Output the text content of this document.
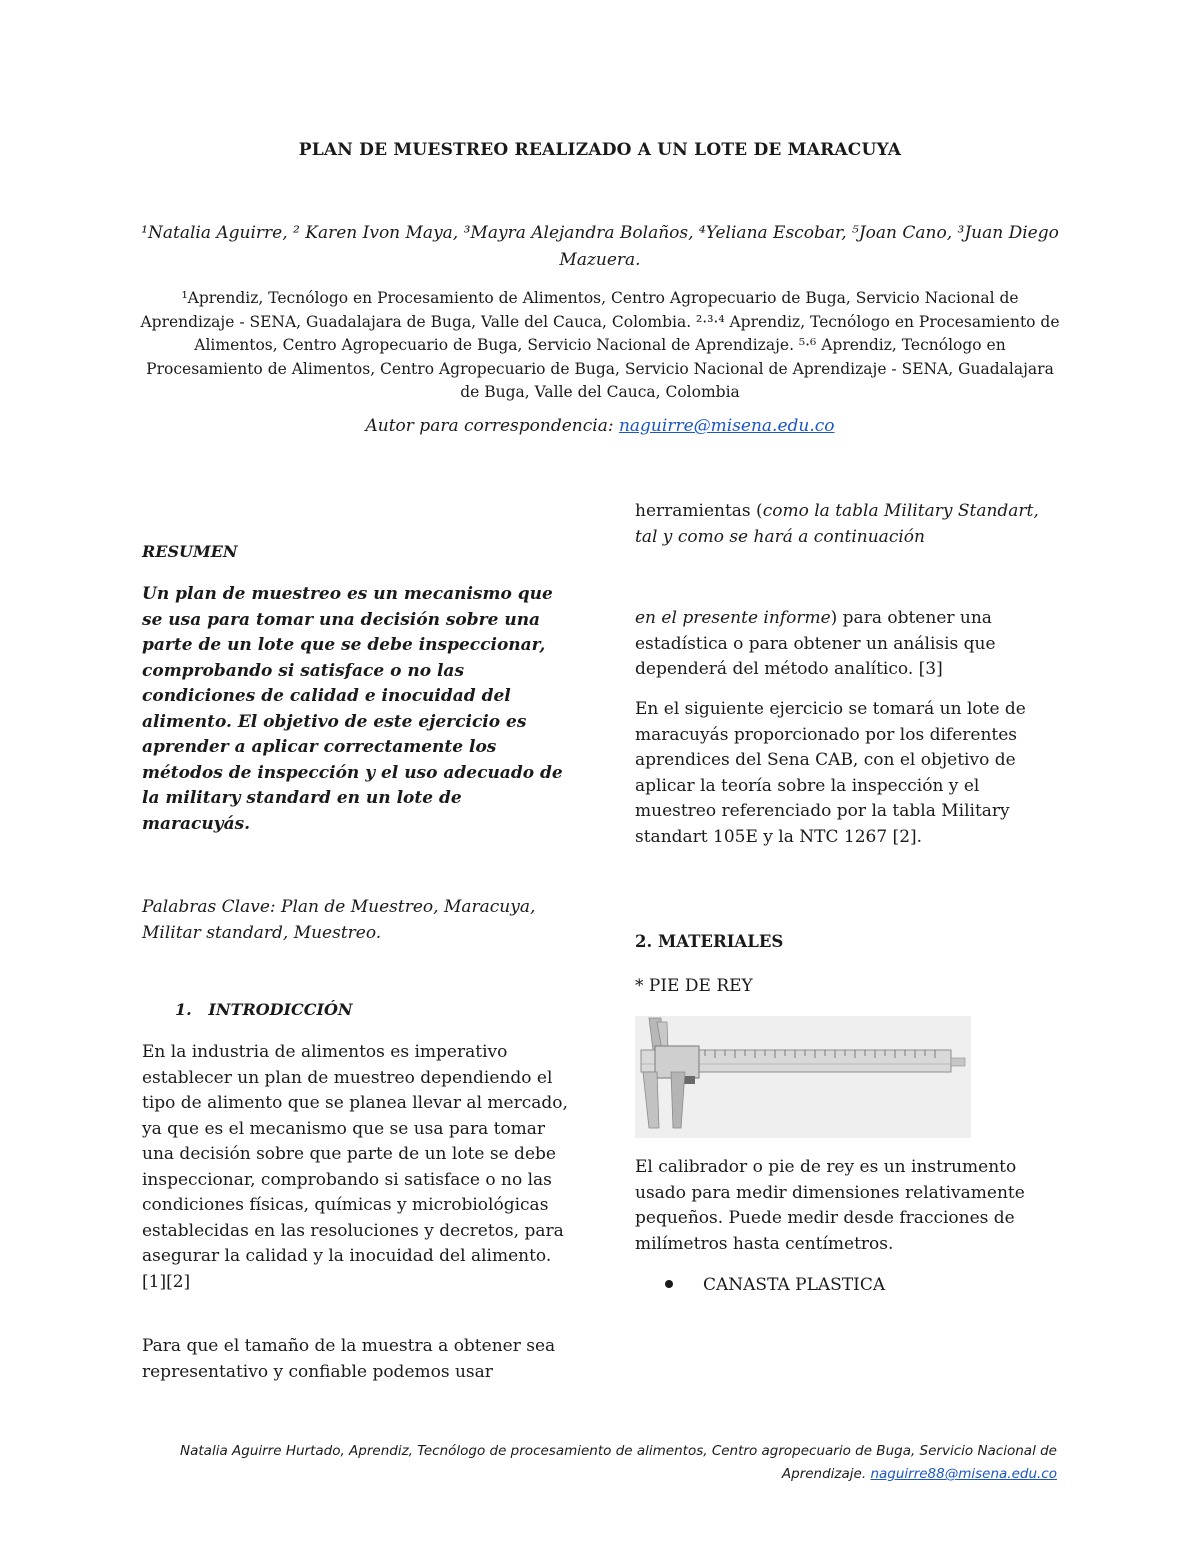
PLAN DE MUESTREO REALIZADO A UN LOTE DE MARACUYA
¹Natalia Aguirre, ² Karen Ivon Maya, ³Mayra Alejandra Bolaños, ⁴Yeliana Escobar, ⁵Joan Cano, ³Juan Diego Mazuera.
¹Aprendiz, Tecnólogo en Procesamiento de Alimentos, Centro Agropecuario de Buga, Servicio Nacional de Aprendizaje - SENA, Guadalajara de Buga, Valle del Cauca, Colombia. ²·³·⁴ Aprendiz, Tecnólogo en Procesamiento de Alimentos, Centro Agropecuario de Buga, Servicio Nacional de Aprendizaje. ⁵·⁶ Aprendiz, Tecnólogo en Procesamiento de Alimentos, Centro Agropecuario de Buga, Servicio Nacional de Aprendizaje - SENA, Guadalajara de Buga, Valle del Cauca, Colombia
Autor para correspondencia: naguirre@misena.edu.co
RESUMEN

Un plan de muestreo es un mecanismo que se usa para tomar una decisión sobre una parte de un lote que se debe inspeccionar, comprobando si satisface o no las condiciones de calidad e inocuidad del alimento. El objetivo de este ejercicio es aprender a aplicar correctamente los métodos de inspección y el uso adecuado de la military standard en un lote de maracuyás.

Palabras Clave: Plan de Muestreo, Maracuya, Militar standard, Muestreo.

1. INTRODICCIÓN

En la industria de alimentos es imperativo establecer un plan de muestreo dependiendo el tipo de alimento que se planea llevar al mercado, ya que es el mecanismo que se usa para tomar una decisión sobre que parte de un lote se debe inspeccionar, comprobando si satisface o no las condiciones físicas, químicas y microbiológicas establecidas en las resoluciones y decretos, para asegurar la calidad y la inocuidad del alimento. [1][2]

Para que el tamaño de la muestra a obtener sea representativo y confiable podemos usar

herramientas (como la tabla Military Standart, tal y como se hará a continuación

en el presente informe) para obtener una estadística o para obtener un análisis que dependerá del método analítico. [3]

En el siguiente ejercicio se tomará un lote de maracuyás proporcionado por los diferentes aprendices del Sena CAB, con el objetivo de aplicar la teoría sobre la inspección y el muestreo referenciado por la tabla Military standart 105E y la NTC 1267 [2].

2. MATERIALES
* PIE DE REY

El calibrador o pie de rey es un instrumento usado para medir dimensiones relativamente pequeños. Puede medir desde fracciones de milímetros hasta centímetros.

CANASTA PLASTICA
Natalia Aguirre Hurtado, Aprendiz, Tecnólogo de procesamiento de alimentos, Centro agropecuario de Buga, Servicio Nacional de Aprendizaje. naguirre88@misena.edu.co
